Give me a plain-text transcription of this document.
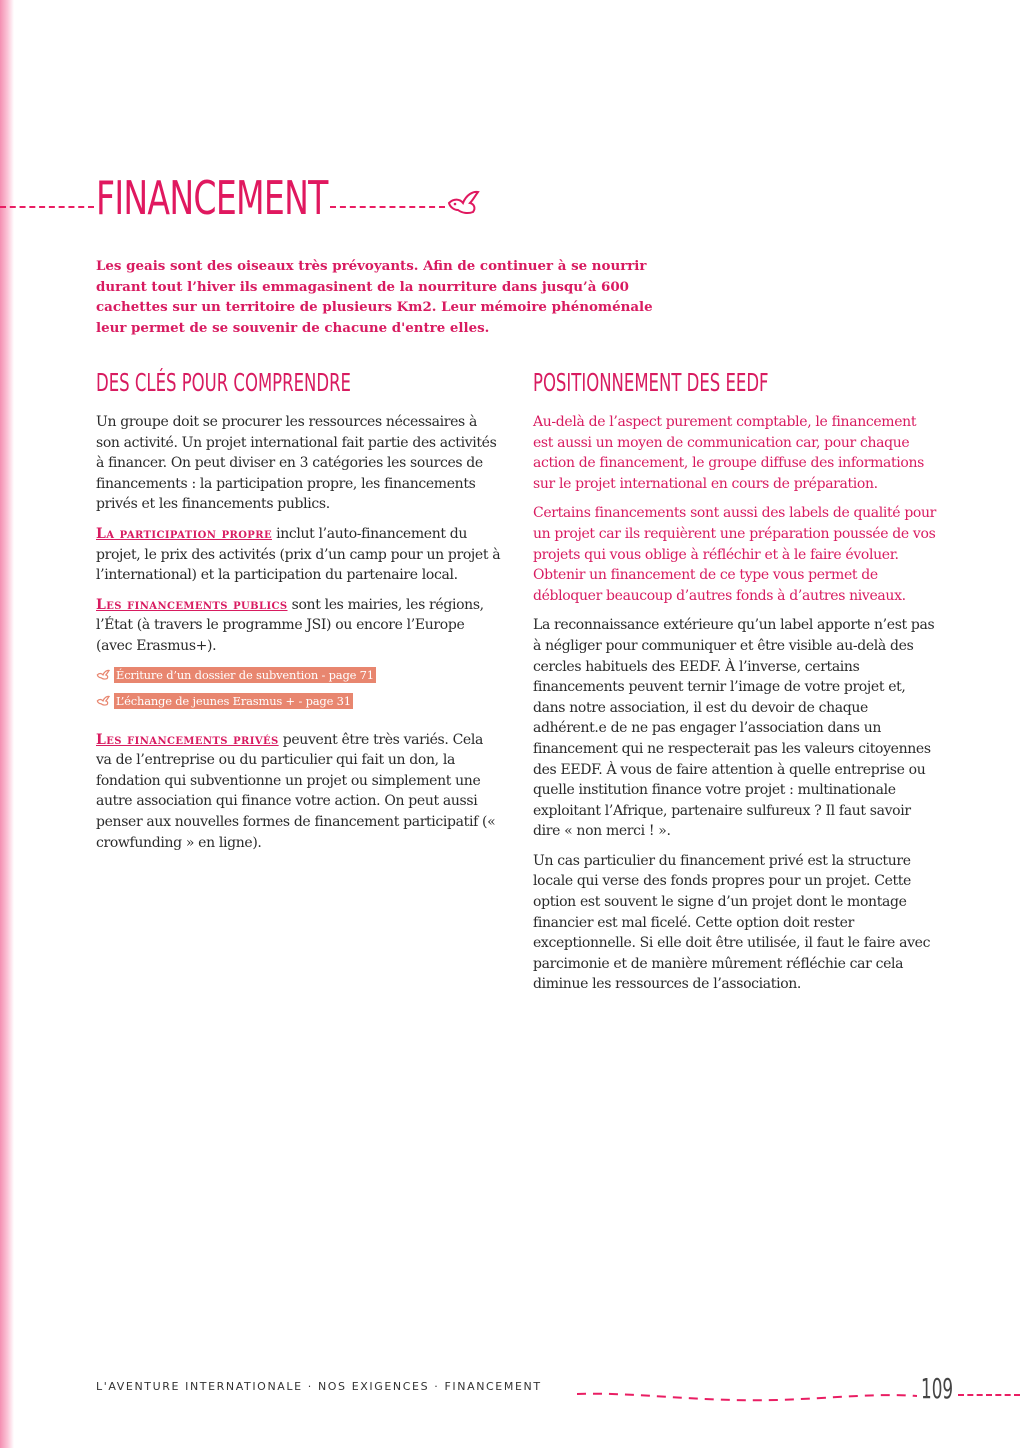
FINANCEMENT

Les geais sont des oiseaux très prévoyants. Afin de continuer à se nourrir durant tout l’hiver ils emmagasinent de la nourriture dans jusqu’à 600 cachettes sur un territoire de plusieurs Km2. Leur mémoire phénoménale leur permet de se souvenir de chacune d'entre elles.

DES CLÉS POUR COMPRENDRE

Un groupe doit se procurer les ressources nécessaires à son activité. Un projet international fait partie des activités à financer. On peut diviser en 3 catégories les sources de financements : la participation propre, les financements privés et les financements publics.

La participation propre inclut l’auto-financement du projet, le prix des activités (prix d’un camp pour un projet à l’international) et la participation du partenaire local.

Les financements publics sont les mairies, les régions, l’État (à travers le programme JSI) ou encore l’Europe (avec Erasmus+).

Écriture d’un dossier de subvention - page 71
L’échange de jeunes Erasmus + - page 31

Les financements privés peuvent être très variés. Cela va de l’entreprise ou du particulier qui fait un don, la fondation qui subventionne un projet ou simplement une autre association qui finance votre action. On peut aussi penser aux nouvelles formes de financement participatif (« crowfunding » en ligne).

POSITIONNEMENT DES EEDF

Au-delà de l’aspect purement comptable, le financement est aussi un moyen de communication car, pour chaque action de financement, le groupe diffuse des informations sur le projet international en cours de préparation.

Certains financements sont aussi des labels de qualité pour un projet car ils requièrent une préparation poussée de vos projets qui vous oblige à réfléchir et à le faire évoluer. Obtenir un financement de ce type vous permet de débloquer beaucoup d’autres fonds à d’autres niveaux.

La reconnaissance extérieure qu’un label apporte n’est pas à négliger pour communiquer et être visible au-delà des cercles habituels des EEDF. À l’inverse, certains financements peuvent ternir l’image de votre projet et, dans notre association, il est du devoir de chaque adhérent.e de ne pas engager l’association dans un financement qui ne respecterait pas les valeurs citoyennes des EEDF. À vous de faire attention à quelle entreprise ou quelle institution finance votre projet : multinationale exploitant l’Afrique, partenaire sulfureux ? Il faut savoir dire « non merci ! ».

Un cas particulier du financement privé est la structure locale qui verse des fonds propres pour un projet. Cette option est souvent le signe d’un projet dont le montage financier est mal ficelé. Cette option doit rester exceptionnelle. Si elle doit être utilisée, il faut le faire avec parcimonie et de manière mûrement réfléchie car cela diminue les ressources de l’association.

L'AVENTURE INTERNATIONALE · NOS EXIGENCES · FINANCEMENT	109
